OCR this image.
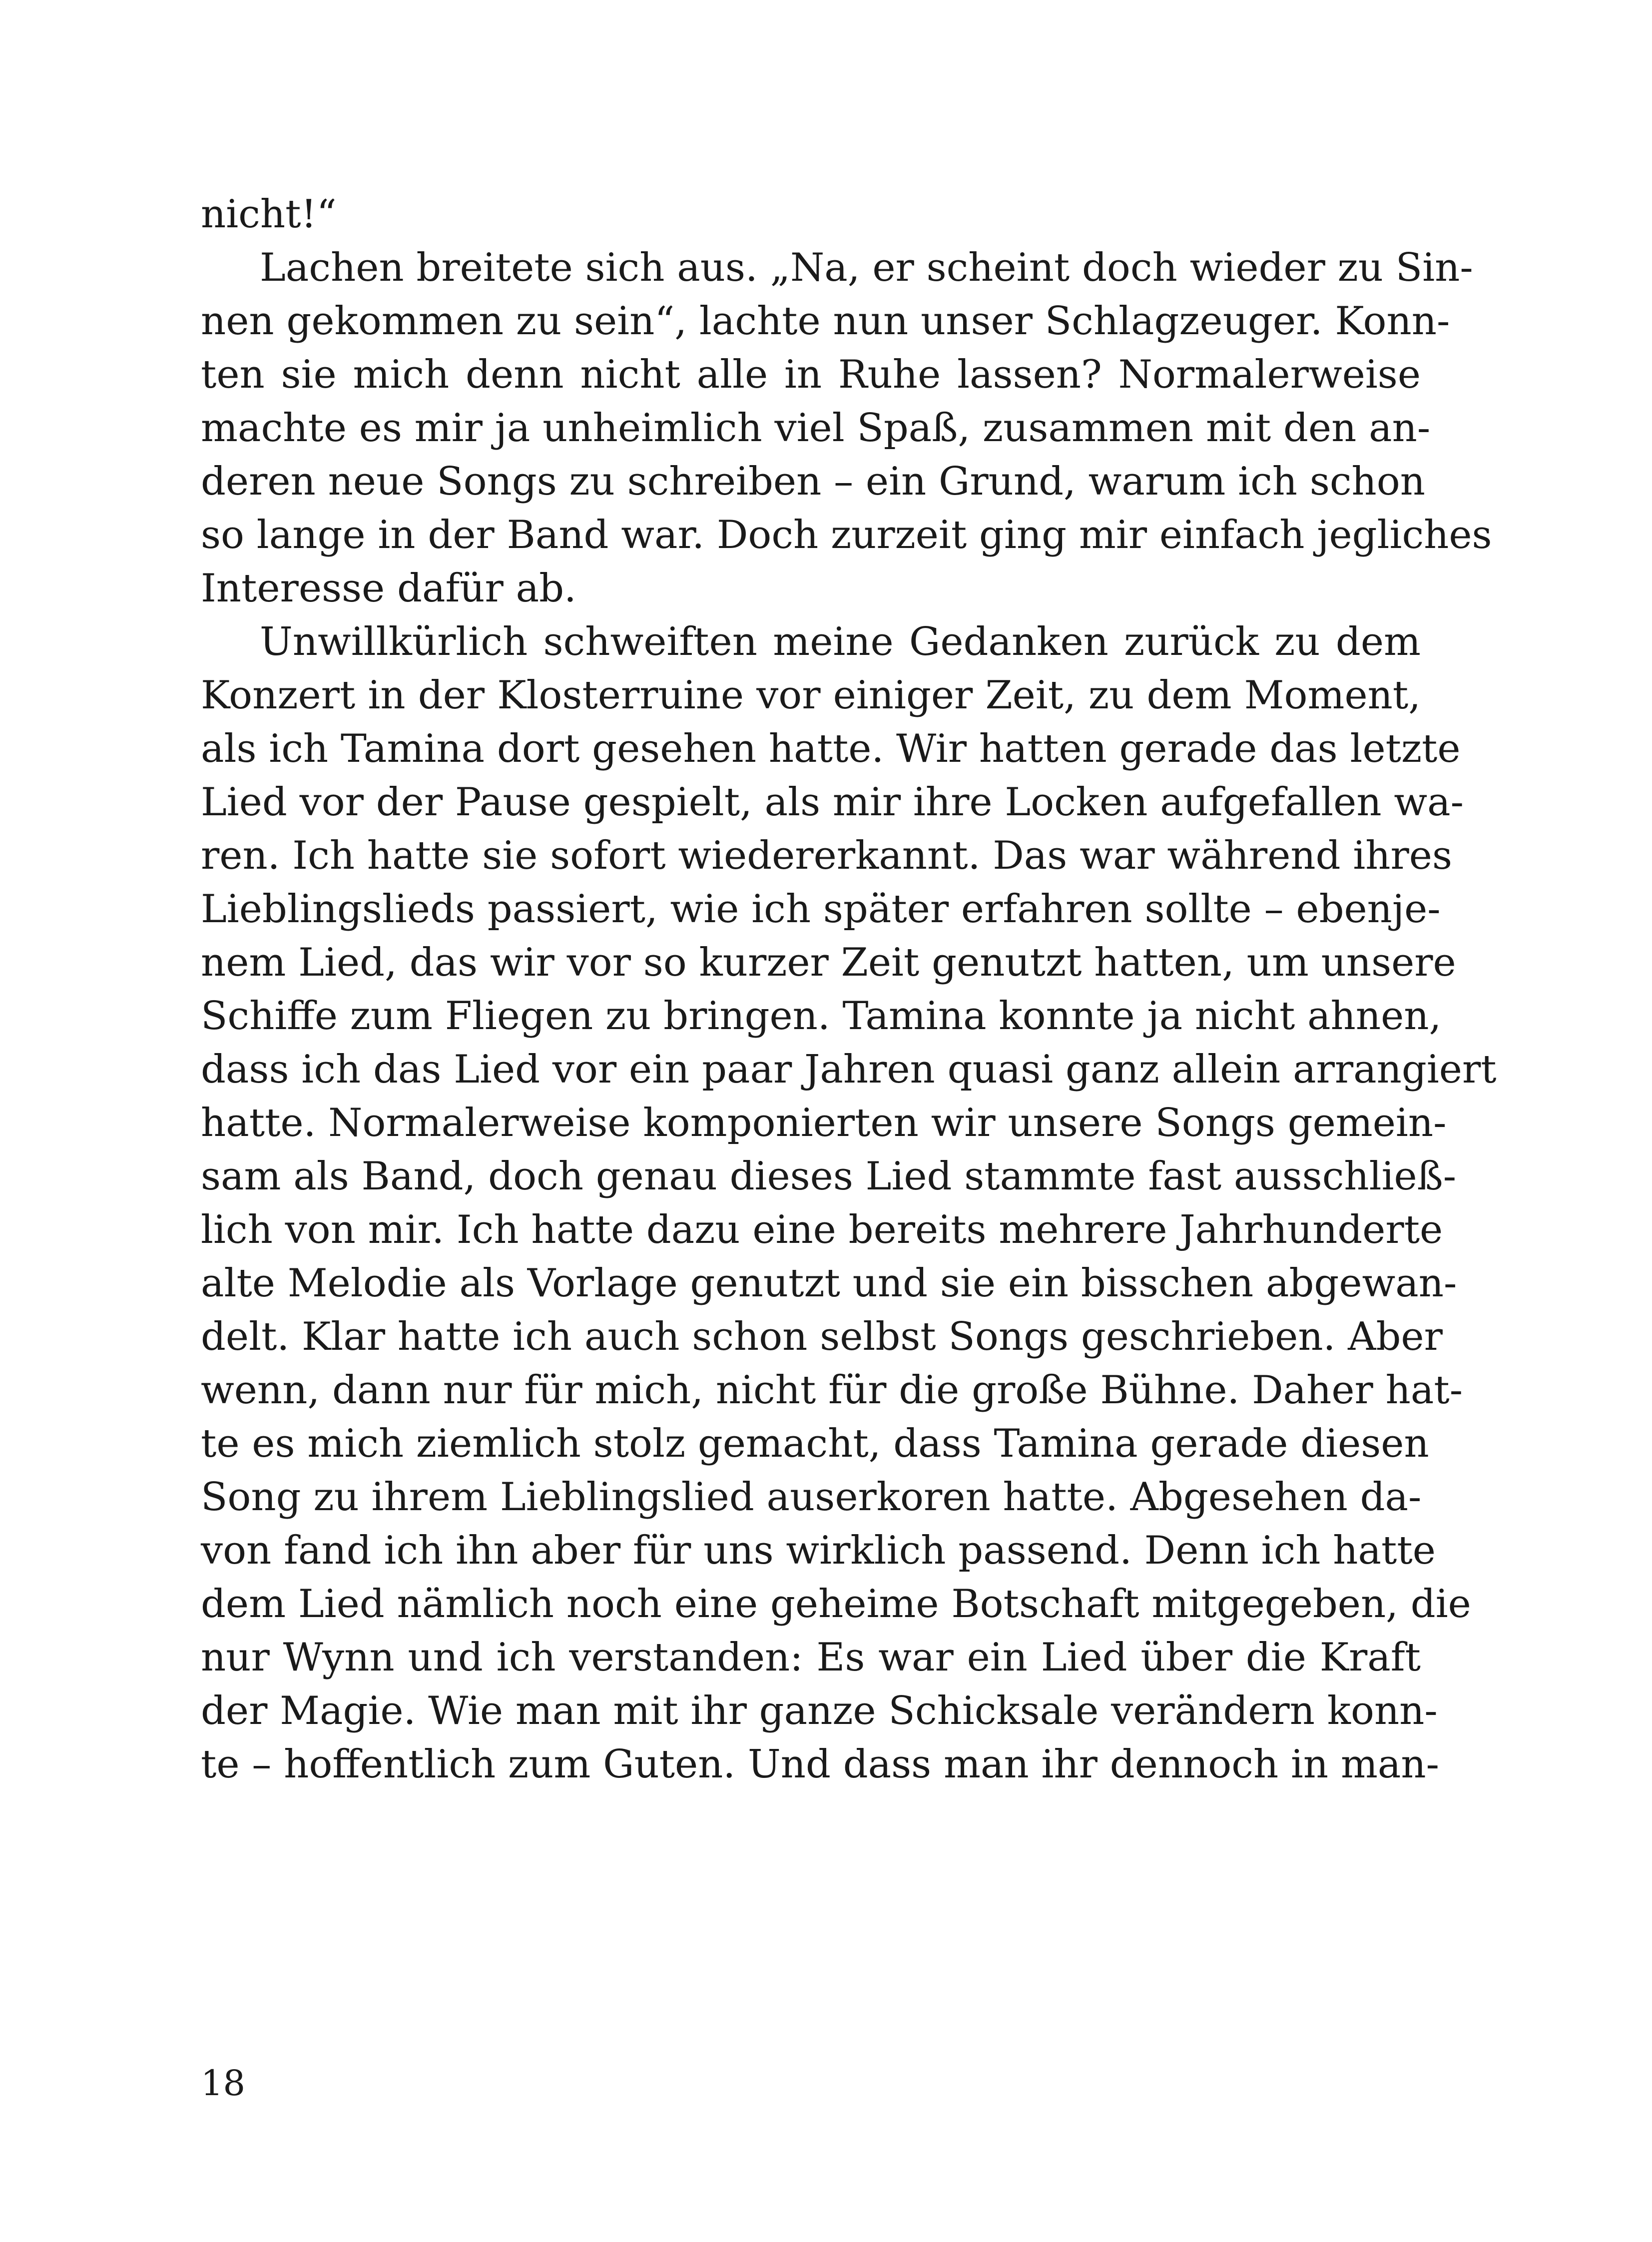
nicht!“
Lachen breitete sich aus. „Na, er scheint doch wieder zu Sin-
nen gekommen zu sein“, lachte nun unser Schlagzeuger. Konn-
ten sie mich denn nicht alle in Ruhe lassen? Normalerweise
machte es mir ja unheimlich viel Spaß, zusammen mit den an-
deren neue Songs zu schreiben – ein Grund, warum ich schon
so lange in der Band war. Doch zurzeit ging mir einfach jegliches
Interesse dafür ab.
Unwillkürlich schweiften meine Gedanken zurück zu dem
Konzert in der Klosterruine vor einiger Zeit, zu dem Moment,
als ich Tamina dort gesehen hatte. Wir hatten gerade das letzte
Lied vor der Pause gespielt, als mir ihre Locken aufgefallen wa-
ren. Ich hatte sie sofort wiedererkannt. Das war während ihres
Lieblingslieds passiert, wie ich später erfahren sollte – ebenje-
nem Lied, das wir vor so kurzer Zeit genutzt hatten, um unsere
Schiffe zum Fliegen zu bringen. Tamina konnte ja nicht ahnen,
dass ich das Lied vor ein paar Jahren quasi ganz allein arrangiert
hatte. Normalerweise komponierten wir unsere Songs gemein-
sam als Band, doch genau dieses Lied stammte fast ausschließ-
lich von mir. Ich hatte dazu eine bereits mehrere Jahrhunderte
alte Melodie als Vorlage genutzt und sie ein bisschen abgewan-
delt. Klar hatte ich auch schon selbst Songs geschrieben. Aber
wenn, dann nur für mich, nicht für die große Bühne. Daher hat-
te es mich ziemlich stolz gemacht, dass Tamina gerade diesen
Song zu ihrem Lieblingslied auserkoren hatte. Abgesehen da-
von fand ich ihn aber für uns wirklich passend. Denn ich hatte
dem Lied nämlich noch eine geheime Botschaft mitgegeben, die
nur Wynn und ich verstanden: Es war ein Lied über die Kraft
der Magie. Wie man mit ihr ganze Schicksale verändern konn-
te – hoffentlich zum Guten. Und dass man ihr dennoch in man-
18
